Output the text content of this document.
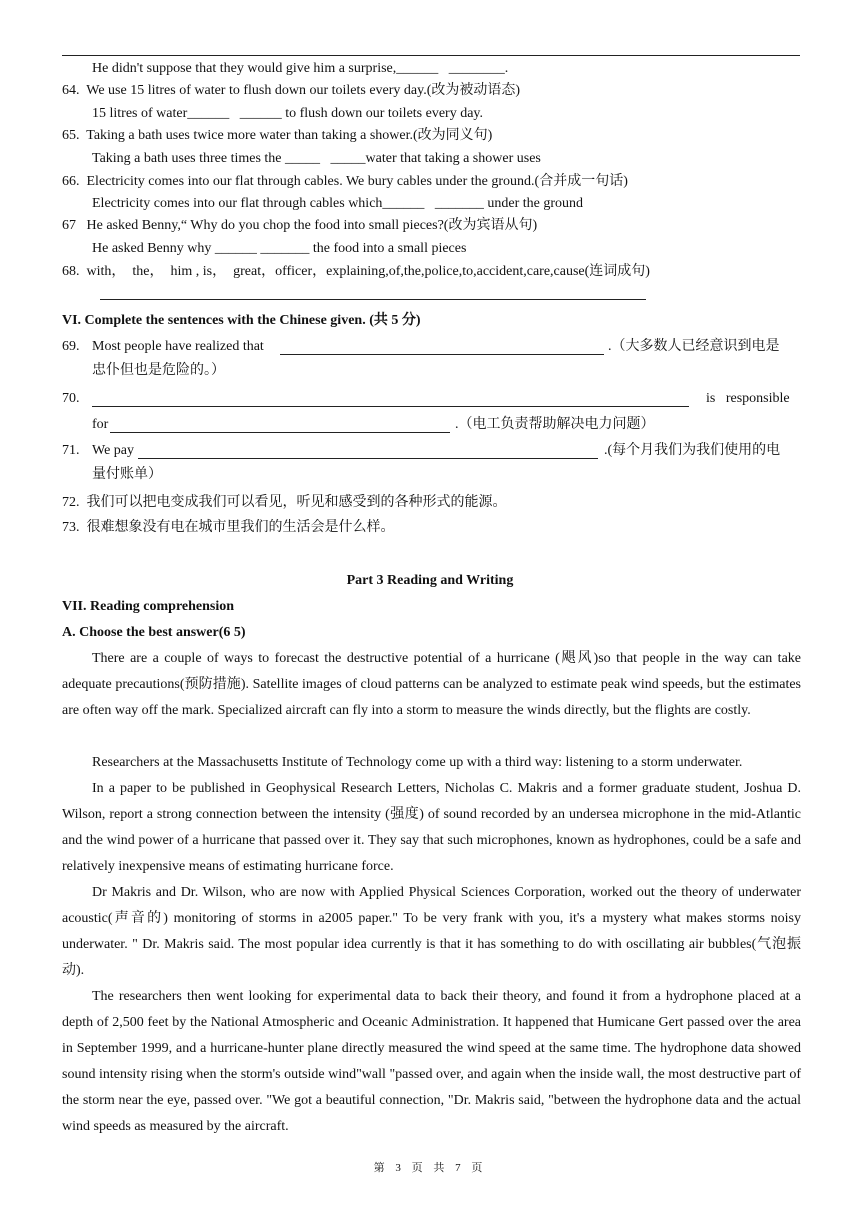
He didn't suppose that they would give him a surprise,______   ________.
64.  We use 15 litres of water to flush down our toilets every day.(改为被动语态)
15 litres of water______   ______ to flush down our toilets every day.
65.  Taking a bath uses twice more water than taking a shower.(改为同义句)
Taking a bath uses three times the _____   _____water that taking a shower uses
66.  Electricity comes into our flat through cables. We bury cables under the ground.(合并成一句话)
Electricity comes into our flat through cables which______   _______ under the ground
67   He asked Benny,“ Why do you chop the food into small pieces?(改为宾语从句)
He asked Benny why ______ _______ the food into a small pieces
68.  with，  the，  him , is，  great，officer，explaining,of,the,police,to,accident,care,cause(连词成句)
VI. Complete the sentences with the Chinese given. (共 5 分)
69. Most people have realized that	.（大多数人已经意识到电是
忠仆但也是危险的。）
70.	is   responsible
for	.（电工负责帮助解决电力问题）
71. We pay	.(每个月我们为我们使用的电
量付账单）
72.  我们可以把电变成我们可以看见，听见和感受到的各种形式的能源。
73.  很难想象没有电在城市里我们的生活会是什么样。
Part 3 Reading and Writing
VII. Reading comprehension
A. Choose the best answer(6 5)

There are a couple of ways to forecast the destructive potential of a hurricane (飓风)so that people in the way can take adequate precautions(预防措施). Satellite images of cloud patterns can be analyzed to estimate peak wind speeds, but the estimates are often way off the mark. Specialized aircraft can fly into a storm to measure the winds directly, but the flights are costly.

Researchers at the Massachusetts Institute of Technology come up with a third way: listening to a storm underwater.

In a paper to be published in Geophysical Research Letters, Nicholas C. Makris and a former graduate student, Joshua D. Wilson, report a strong connection between the intensity (强度) of sound recorded by an undersea microphone in the mid-Atlantic and the wind power of a hurricane that passed over it. They say that such microphones, known as hydrophones, could be a safe and relatively inexpensive means of estimating hurricane force.

Dr Makris and Dr. Wilson, who are now with Applied Physical Sciences Corporation, worked out the theory of underwater acoustic(声音的) monitoring of storms in a2005 paper." To be very frank with you, it's a mystery what makes storms noisy underwater. " Dr. Makris said. The most popular idea currently is that it has something to do with oscillating air bubbles(气泡振动).

The researchers then went looking for experimental data to back their theory, and found it from a hydrophone placed at a depth of 2,500 feet by the National Atmospheric and Oceanic Administration. It happened that Humicane Gert passed over the area in September 1999, and a hurricane-hunter plane directly measured the wind speed at the same time. The hydrophone data showed sound intensity rising when the storm's outside wind"wall "passed over, and again when the inside wall, the most destructive part of the storm near the eye, passed over. "We got a beautiful connection, "Dr. Makris said, "between the hydrophone data and the actual wind speeds as measured by the aircraft.

第 3 页 共 7 页
